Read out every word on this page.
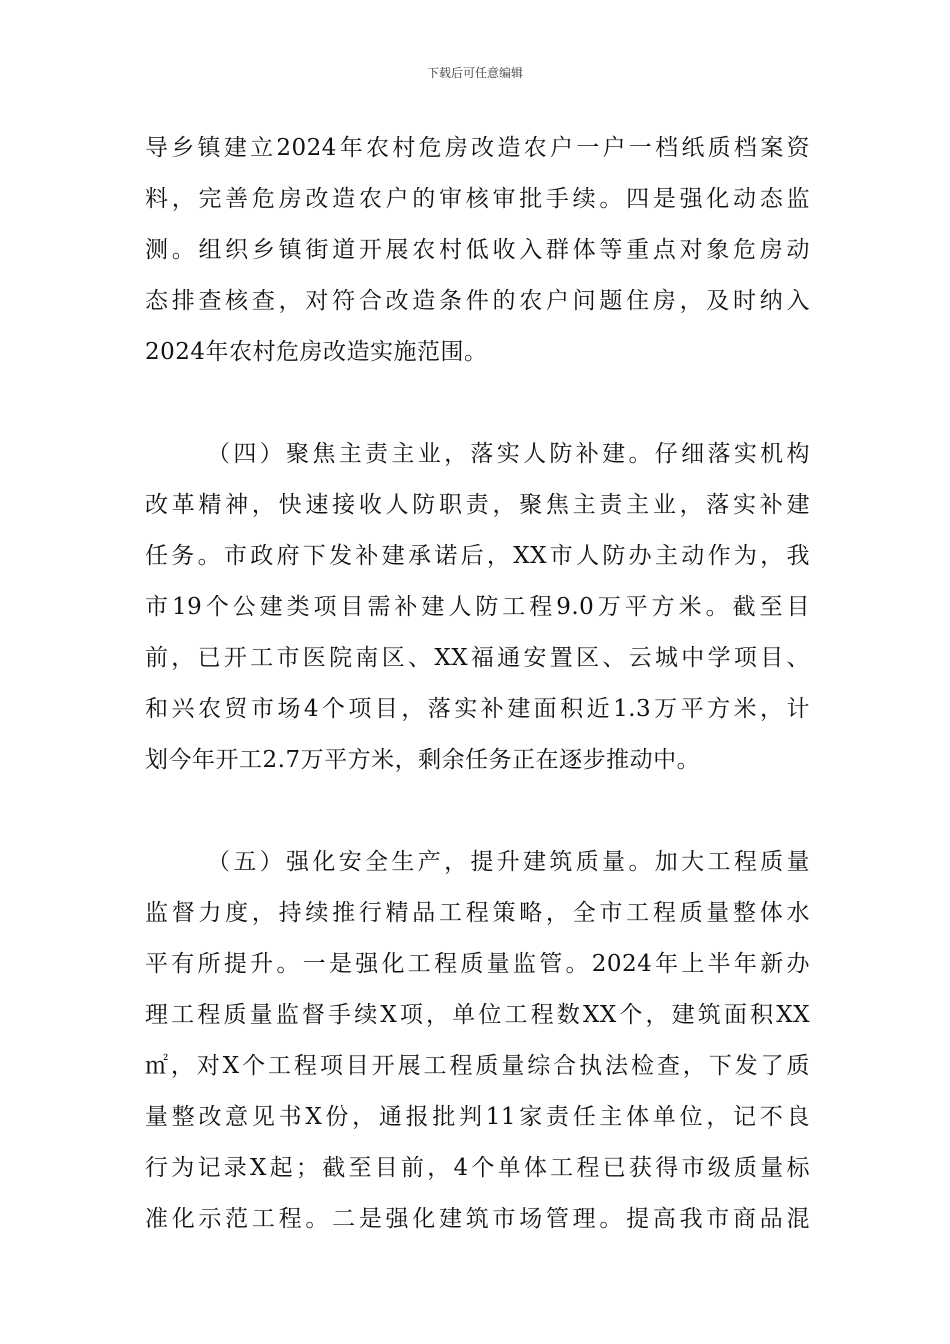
下载后可任意编辑
导乡镇建立2024年农村危房改造农户一户一档纸质档案资
料，完善危房改造农户的审核审批手续。四是强化动态监
测。组织乡镇街道开展农村低收入群体等重点对象危房动
态排查核查，对符合改造条件的农户问题住房，及时纳入
2024年农村危房改造实施范围。
（四）聚焦主责主业，落实人防补建。仔细落实机构
改革精神，快速接收人防职责，聚焦主责主业，落实补建
任务。市政府下发补建承诺后，XX市人防办主动作为，我
市19个公建类项目需补建人防工程9.0万平方米。截至目
前，已开工市医院南区、XX福通安置区、云城中学项目、
和兴农贸市场4个项目，落实补建面积近1.3万平方米，计
划今年开工2.7万平方米，剩余任务正在逐步推动中。
（五）强化安全生产，提升建筑质量。加大工程质量
监督力度，持续推行精品工程策略，全市工程质量整体水
平有所提升。一是强化工程质量监管。2024年上半年新办
理工程质量监督手续X项，单位工程数XX个，建筑面积XX
㎡，对X个工程项目开展工程质量综合执法检查，下发了质
量整改意见书X份，通报批判11家责任主体单位，记不良
行为记录X起；截至目前，4个单体工程已获得市级质量标
准化示范工程。二是强化建筑市场管理。提高我市商品混
